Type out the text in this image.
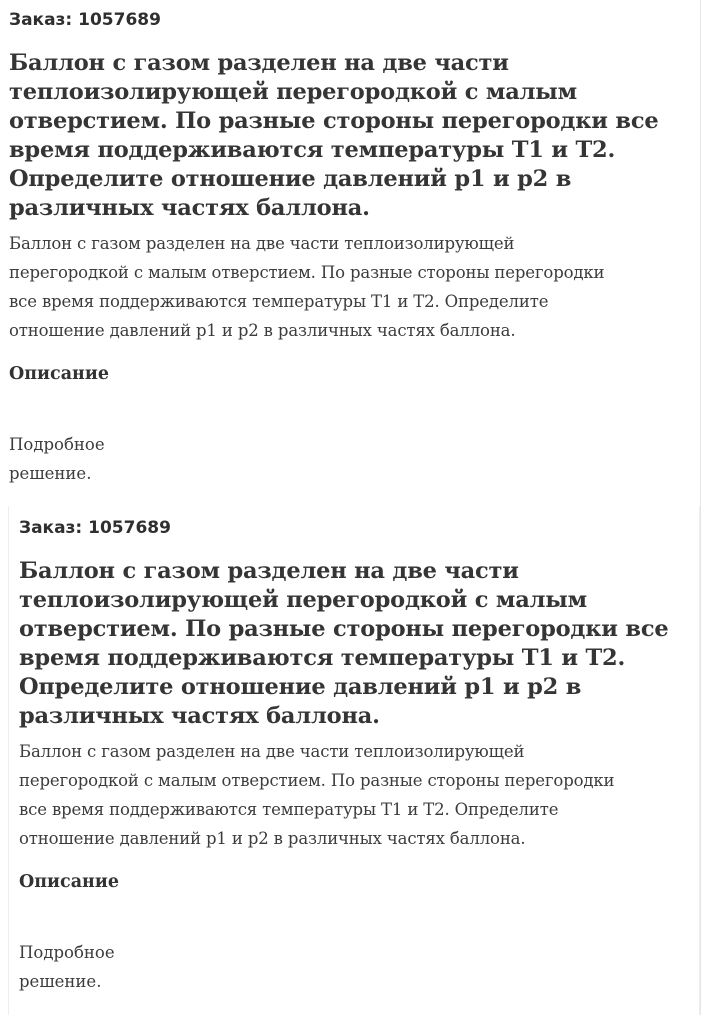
Заказ: 1057689
Баллон с газом разделен на две части теплоизолирующей перегородкой с малым отверстием. По разные стороны перегородки все время поддерживаются температуры Т1 и Т2. Определите отношение давлений p1 и p2 в различных частях баллона.
Баллон с газом разделен на две части теплоизолирующей
перегородкой с малым отверстием. По разные стороны перегородки
все время поддерживаются температуры Т1 и Т2. Определите
отношение давлений p1 и p2 в различных частях баллона.
Описание
Подробное
решение.
Заказ: 1057689
Баллон с газом разделен на две части теплоизолирующей перегородкой с малым отверстием. По разные стороны перегородки все время поддерживаются температуры Т1 и Т2. Определите отношение давлений p1 и p2 в различных частях баллона.
Баллон с газом разделен на две части теплоизолирующей
перегородкой с малым отверстием. По разные стороны перегородки
все время поддерживаются температуры Т1 и Т2. Определите
отношение давлений p1 и p2 в различных частях баллона.
Описание
Подробное
решение.
